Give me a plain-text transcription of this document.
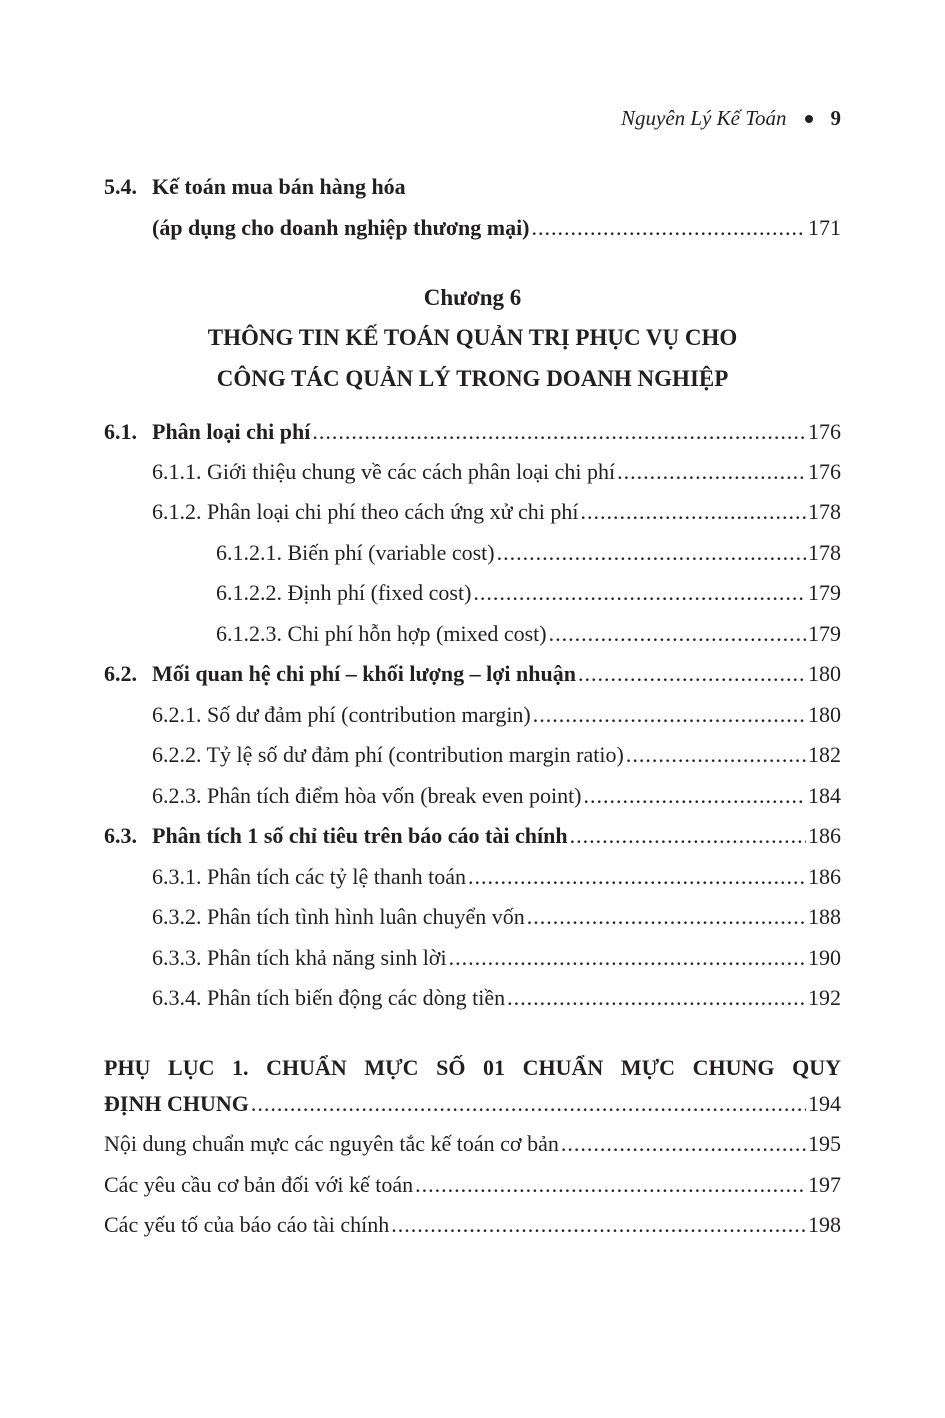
Nguyên Lý Kế Toán 9
5.4. Kế toán mua bán hàng hóa
(áp dụng cho doanh nghiệp thương mại) .....	171
Chương 6
THÔNG TIN KẾ TOÁN QUẢN TRỊ PHỤC VỤ CHO
CÔNG TÁC QUẢN LÝ TRONG DOANH NGHIỆP
6.1. Phân loại chi phí .....	176
6.1.1. Giới thiệu chung về các cách phân loại chi phí .....	176
6.1.2. Phân loại chi phí theo cách ứng xử chi phí .....	178
6.1.2.1. Biến phí (variable cost) .....	178
6.1.2.2. Định phí (fixed cost) .....	179
6.1.2.3. Chi phí hỗn hợp (mixed cost) .....	179
6.2. Mối quan hệ chi phí – khối lượng – lợi nhuận .....	180
6.2.1. Số dư đảm phí (contribution margin) .....	180
6.2.2. Tỷ lệ số dư đảm phí (contribution margin ratio) .....	182
6.2.3. Phân tích điểm hòa vốn (break even point) .....	184
6.3. Phân tích 1 số chỉ tiêu trên báo cáo tài chính .....	186
6.3.1. Phân tích các tỷ lệ thanh toán .....	186
6.3.2. Phân tích tình hình luân chuyển vốn .....	188
6.3.3. Phân tích khả năng sinh lời .....	190
6.3.4. Phân tích biến động các dòng tiền .....	192
PHỤ LỤC 1. CHUẨN MỰC SỐ 01 CHUẨN MỰC CHUNG QUY
ĐỊNH CHUNG .....	194
Nội dung chuẩn mực các nguyên tắc kế toán cơ bản .....	195
Các yêu cầu cơ bản đối với kế toán .....	197
Các yếu tố của báo cáo tài chính .....	198
